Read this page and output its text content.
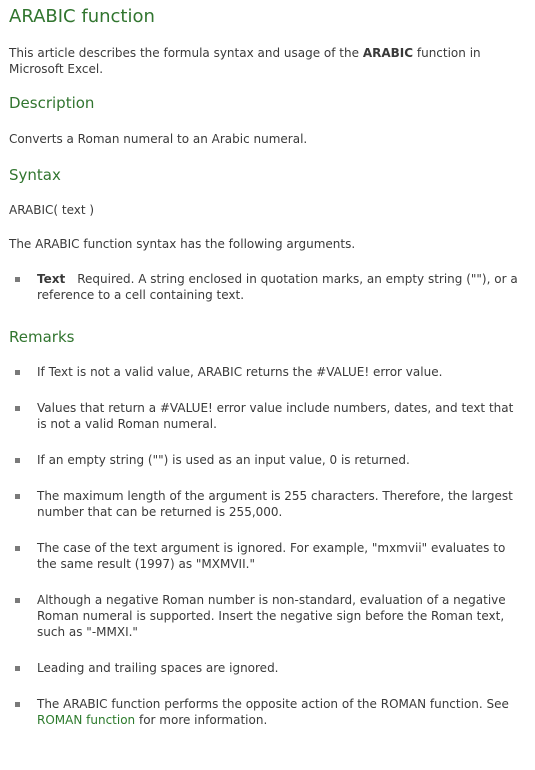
ARABIC function

This article describes the formula syntax and usage of the ARABIC function in Microsoft Excel.

Description

Converts a Roman numeral to an Arabic numeral.

Syntax

ARABIC( text )

The ARABIC function syntax has the following arguments.

Text Required. A string enclosed in quotation marks, an empty string (""), or a reference to a cell containing text.
Remarks
If Text is not a valid value, ARABIC returns the #VALUE! error value.
Values that return a #VALUE! error value include numbers, dates, and text that is not a valid Roman numeral.
If an empty string ("") is used as an input value, 0 is returned.
The maximum length of the argument is 255 characters. Therefore, the largest number that can be returned is 255,000.
The case of the text argument is ignored. For example, "mxmvii" evaluates to the same result (1997) as "MXMVII."
Although a negative Roman number is non-standard, evaluation of a negative Roman numeral is supported. Insert the negative sign before the Roman text, such as "-MMXI."
Leading and trailing spaces are ignored.
The ARABIC function performs the opposite action of the ROMAN function. See ROMAN function for more information.
